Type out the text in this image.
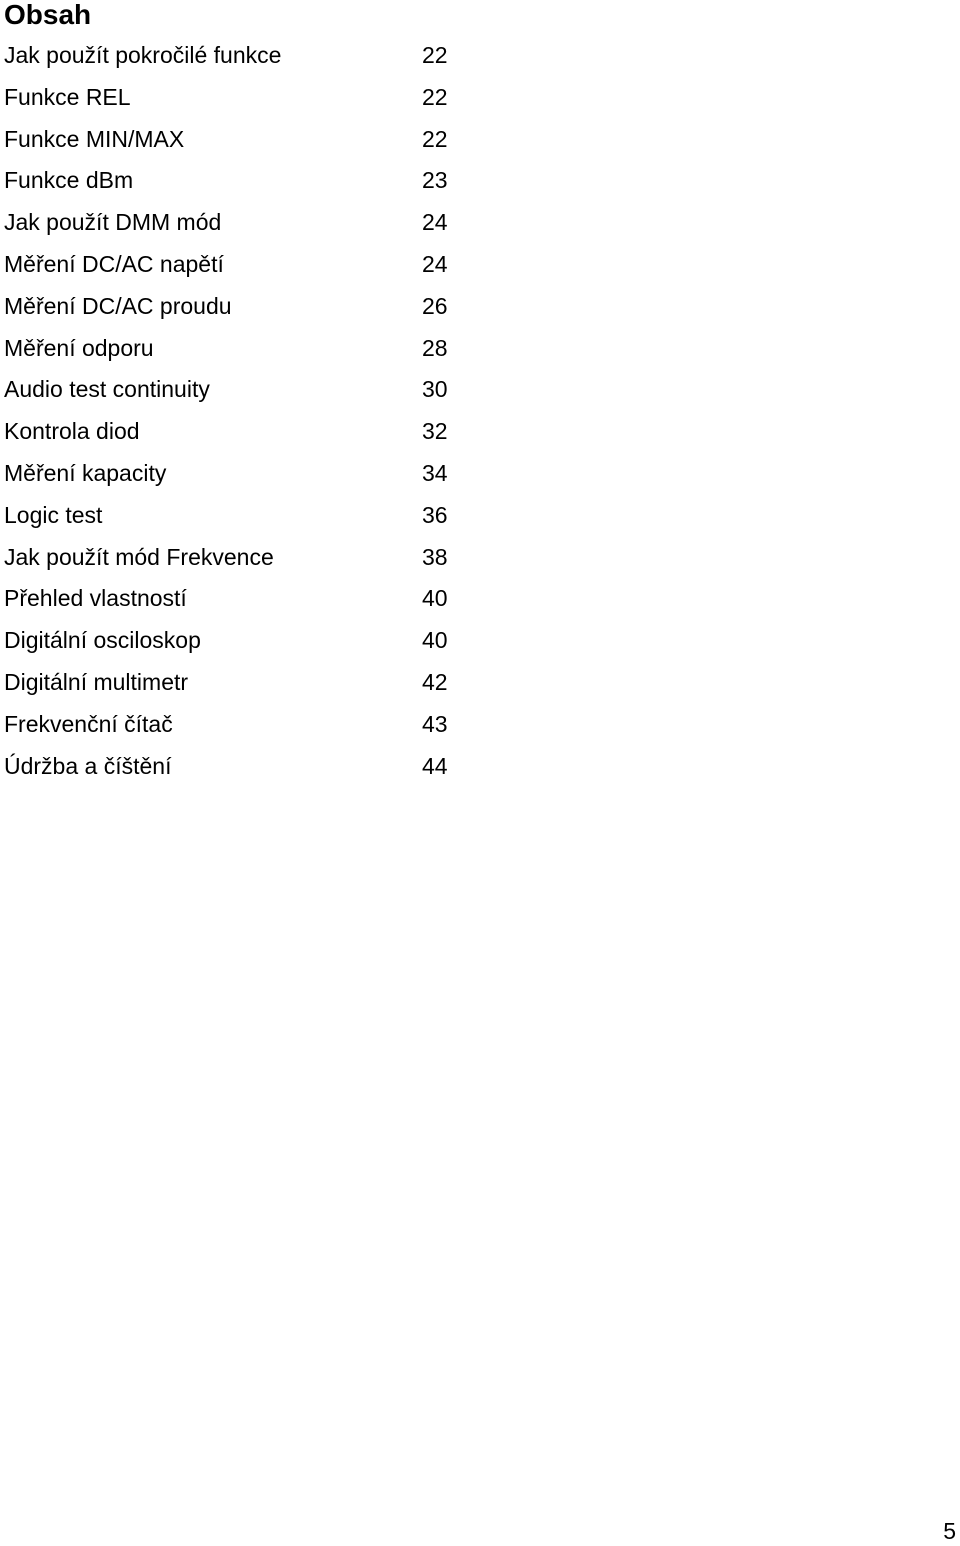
Obsah
Jak použít pokročilé funkce	22
Funkce REL	22
Funkce MIN/MAX	22
Funkce dBm	23
Jak použít DMM mód	24
Měření DC/AC napětí	24
Měření DC/AC proudu	26
Měření odporu	28
Audio test continuity	30
Kontrola diod	32
Měření kapacity	34
Logic test	36
Jak použít mód Frekvence	38
Přehled vlastností	40
Digitální osciloskop	40
Digitální multimetr	42
Frekvenční čítač	43
Údržba a číštění	44
5
